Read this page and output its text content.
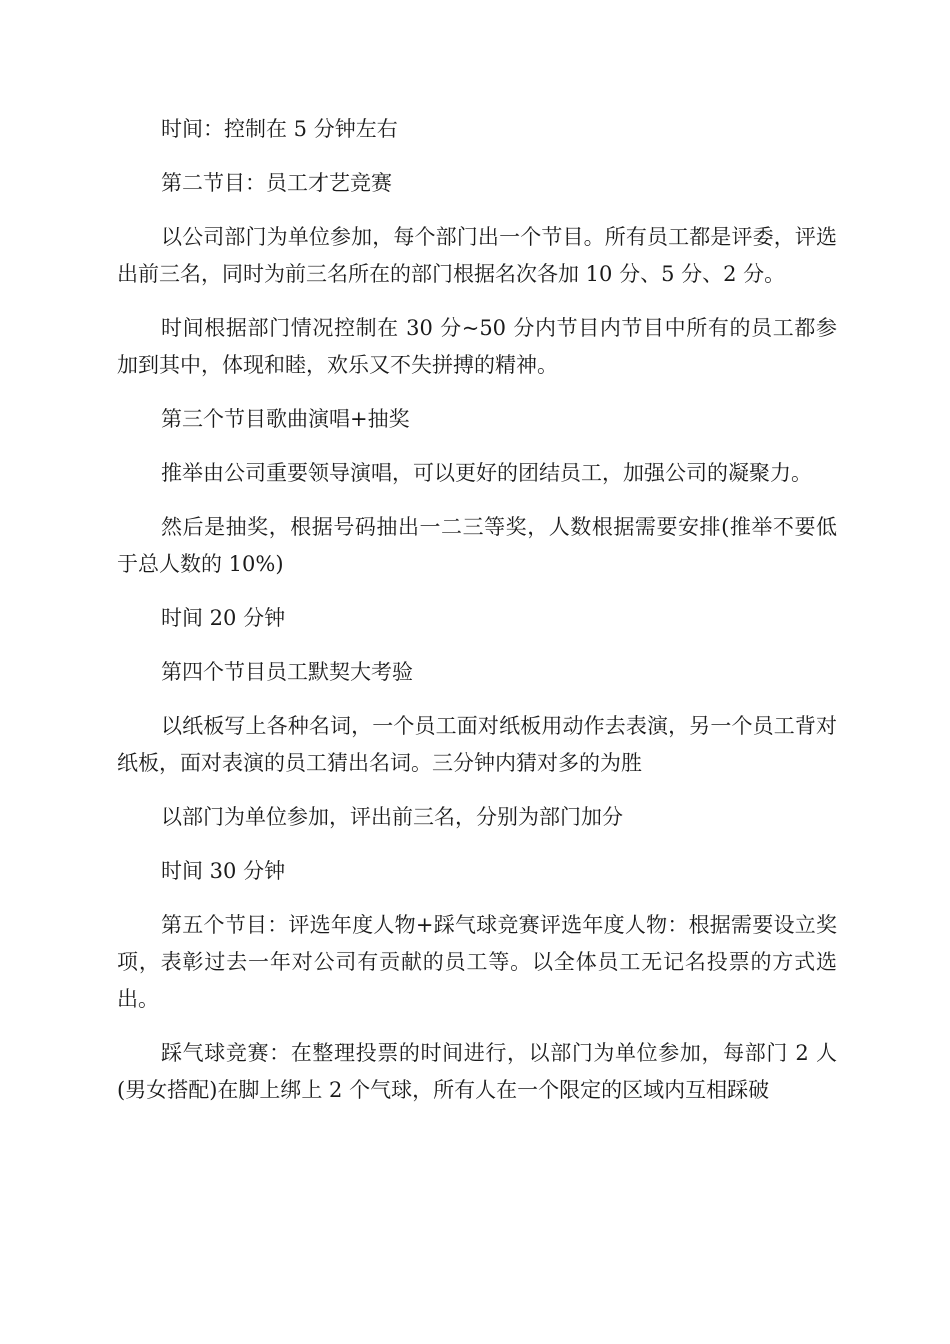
时间：控制在 5 分钟左右

第二节目：员工才艺竞赛

以公司部门为单位参加，每个部门出一个节目。所有员工都是评委，评选出前三名，同时为前三名所在的部门根据名次各加 10 分、5 分、2 分。

时间根据部门情况控制在 30 分~50 分内节目内节目中所有的员工都参加到其中，体现和睦，欢乐又不失拼搏的精神。

第三个节目歌曲演唱+抽奖

推举由公司重要领导演唱，可以更好的团结员工，加强公司的凝聚力。

然后是抽奖，根据号码抽出一二三等奖，人数根据需要安排(推举不要低于总人数的 10%)

时间 20 分钟

第四个节目员工默契大考验

以纸板写上各种名词，一个员工面对纸板用动作去表演，另一个员工背对纸板，面对表演的员工猜出名词。三分钟内猜对多的为胜

以部门为单位参加，评出前三名，分别为部门加分

时间 30 分钟

第五个节目：评选年度人物+踩气球竞赛评选年度人物：根据需要设立奖项，表彰过去一年对公司有贡献的员工等。以全体员工无记名投票的方式选出。

踩气球竞赛：在整理投票的时间进行，以部门为单位参加，每部门 2 人(男女搭配)在脚上绑上 2 个气球，所有人在一个限定的区域内互相踩破
